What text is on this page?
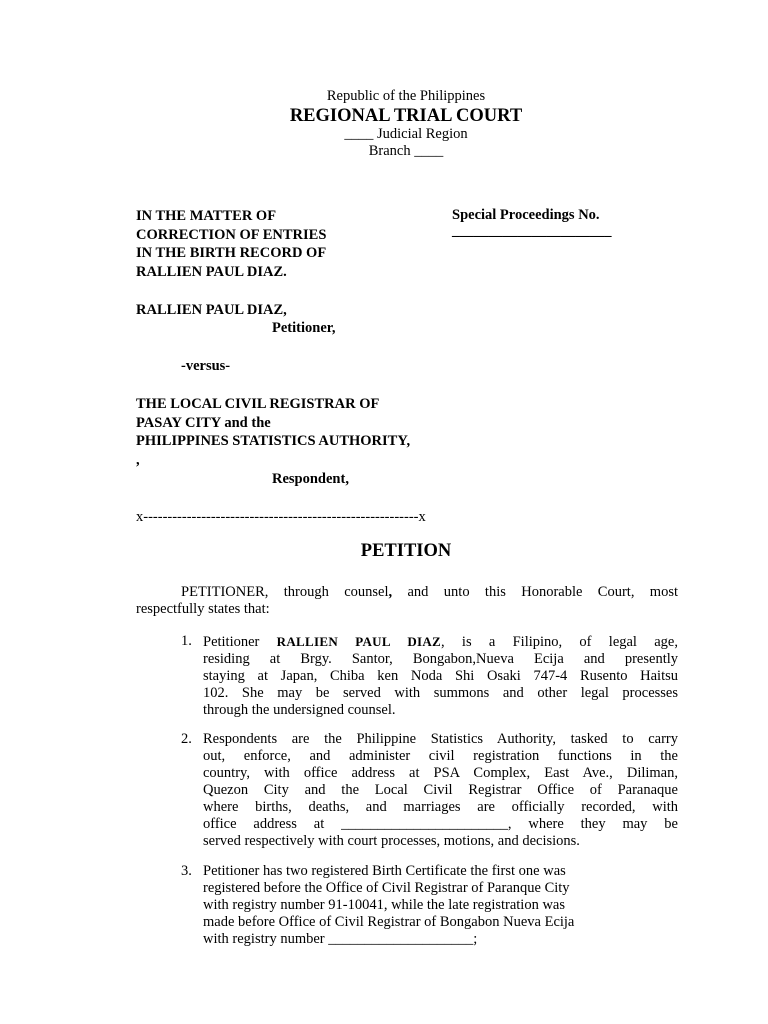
Republic of the Philippines
REGIONAL TRIAL COURT
____ Judicial Region
Branch ____
IN THE MATTER OF
CORRECTION OF ENTRIES
IN THE BIRTH RECORD OF
RALLIEN PAUL DIAZ.
Special Proceedings No.
______________________
RALLIEN PAUL DIAZ,
Petitioner,
-versus-
THE LOCAL CIVIL REGISTRAR OF
PASAY CITY and the
PHILIPPINES STATISTICS AUTHORITY,
,
Respondent,
x---------------------------------------------------------x
PETITION
PETITIONER, through counsel, and unto this Honorable Court, most
respectfully states that:
1. Petitioner RALLIEN PAUL DIAZ, is a Filipino, of legal age,
residing at Brgy. Santor, Bongabon,Nueva Ecija and presently
staying at Japan, Chiba ken Noda Shi Osaki 747-4 Rusento Haitsu
102. She may be served with summons and other legal processes
through the undersigned counsel.
2. Respondents are the Philippine Statistics Authority, tasked to carry
out, enforce, and administer civil registration functions in the
country, with office address at PSA Complex, East Ave., Diliman,
Quezon City and the Local Civil Registrar Office of Paranaque
where births, deaths, and marriages are officially recorded, with
office address at _______________________, where they may be
served respectively with court processes, motions, and decisions.
3. Petitioner has two registered Birth Certificate the first one was
registered before the Office of Civil Registrar of Paranque City
with registry number 91-10041, while the late registration was
made before Office of Civil Registrar of Bongabon Nueva Ecija
with registry number ____________________;
